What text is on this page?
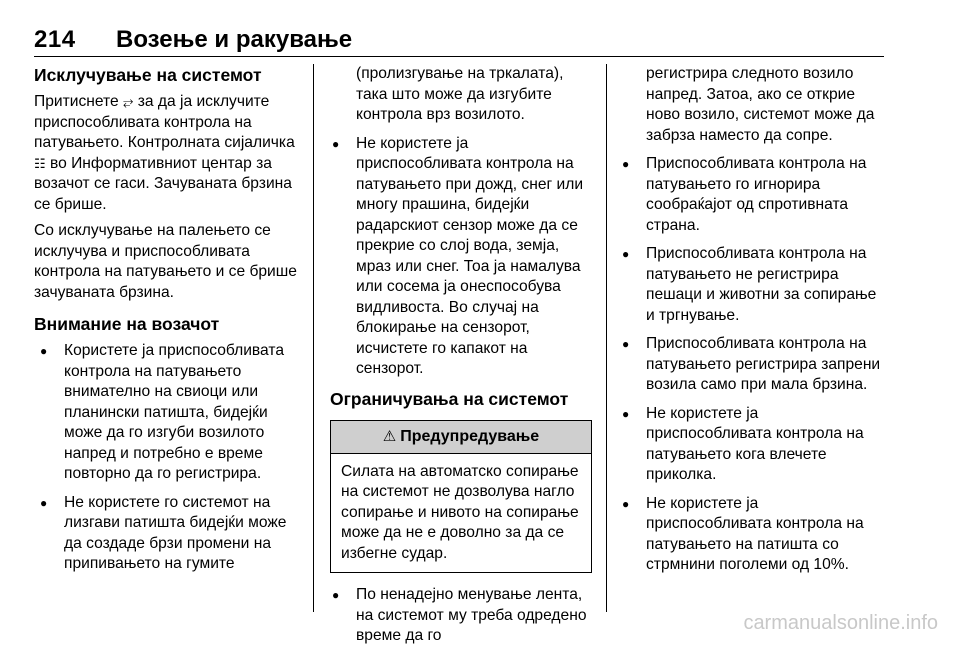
214 Возење и ракување
Исклучување на системот

Притиснете ⥂ за да ја исклучите приспособливата контрола на патувањето. Контролната сијаличка ☷ во Информативниот центар за возачот се гаси. Зачуваната брзина се брише.

Со исклучување на палењето се исклучува и приспособливата контрола на патувањето и се брише зачуваната брзина.

Внимание на возачот
● Користете ја приспособливата контрола на патувањето внимателно на свиоци или планински патишта, бидејќи може да го изгуби возилото напред и потребно е време повторно да го регистрира.
● Не користете го системот на лизгави патишта бидејќи може да создаде брзи промени на припивањето на гумите

(пролизгување на тркалата), така што може да изгубите контрола врз возилото.

● Не користете ја приспособливата контрола на патувањето при дожд, снег или многу прашина, бидејќи радарскиот сензор може да се прекрие со слој вода, земја, мраз или снег. Тоа ја намалува или сосема ја онеспособува видливоста. Во случај на блокирање на сензорот, исчистете го капакот на сензорот.
Ограничувања на системот
⚠ Предупредување
Силата на автоматско сопирање на системот не дозволува нагло сопирање и нивото на сопирање може да не е доволно за да се избегне судар.
● По ненадејно менување лента, на системот му треба одредено време да го

регистрира следното возило напред. Затоа, ако се открие ново возило, системот може да забрза наместо да сопре.

● Приспособливата контрола на патувањето го игнорира сообраќајот од спротивната страна.
● Приспособливата контрола на патувањето не регистрира пешаци и животни за сопирање и тргнување.
● Приспособливата контрола на патувањето регистрира запрени возила само при мала брзина.
● Не користете ја приспособливата контрола на патувањето кога влечете приколка.
● Не користете ја приспособливата контрола на патувањето на патишта со стрмнини поголеми од 10%.
carmanualsonline.info
